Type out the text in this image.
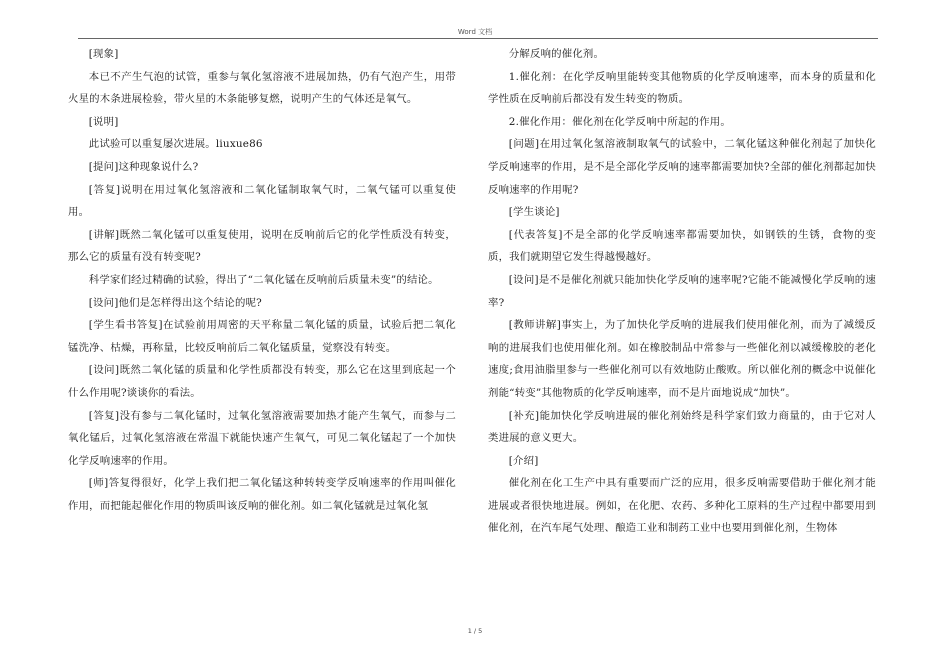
Word 文档

[现象]

本已不产生气泡的试管，重参与氧化氢溶液不进展加热，仍有气泡产生，用带火星的木条进展检验，带火星的木条能够复燃，说明产生的气体还是氧气。

[说明]

此试验可以重复屡次进展。liuxue86

[提问]这种现象说什么?

[答复]说明在用过氧化氢溶液和二氧化锰制取氧气时，二氧气锰可以重复使用。

[讲解]既然二氧化锰可以重复使用，说明在反响前后它的化学性质没有转变，那么它的质量有没有转变呢?

科学家们经过精确的试验，得出了“二氧化锰在反响前后质量未变”的结论。

[设问]他们是怎样得出这个结论的呢?

[学生看书答复]在试验前用周密的天平称量二氧化锰的质量，试验后把二氧化锰洗净、枯燥，再称量，比较反响前后二氧化锰质量，觉察没有转变。

[设问]既然二氧化锰的质量和化学性质都没有转变，那么它在这里到底起一个什么作用呢?谈谈你的看法。

[答复]没有参与二氧化锰时，过氧化氢溶液需要加热才能产生氧气，而参与二氧化锰后，过氧化氢溶液在常温下就能快速产生氧气，可见二氧化锰起了一个加快化学反响速率的作用。

[师]答复得很好，化学上我们把二氧化锰这种转转变学反响速率的作用叫催化作用，而把能起催化作用的物质叫该反响的催化剂。如二氧化锰就是过氧化氢

分解反响的催化剂。

1.催化剂：在化学反响里能转变其他物质的化学反响速率，而本身的质量和化学性质在反响前后都没有发生转变的物质。

2.催化作用：催化剂在化学反响中所起的作用。

[问题]在用过氧化氢溶液制取氧气的试验中，二氧化锰这种催化剂起了加快化学反响速率的作用，是不是全部化学反响的速率都需要加快?全部的催化剂都起加快反响速率的作用呢?

[学生谈论]

[代表答复]不是全部的化学反响速率都需要加快，如钢铁的生锈，食物的变质，我们就期望它发生得越慢越好。

[设问]是不是催化剂就只能加快化学反响的速率呢?它能不能减慢化学反响的速率?

[教师讲解]事实上，为了加快化学反响的进展我们使用催化剂，而为了减缓反响的进展我们也使用催化剂。如在橡胶制品中常参与一些催化剂以减缓橡胶的老化速度;食用油脂里参与一些催化剂可以有效地防止酸败。所以催化剂的概念中说催化剂能“转变”其他物质的化学反响速率，而不是片面地说成“加快”。

[补充]能加快化学反响进展的催化剂始终是科学家们致力商量的，由于它对人类进展的意义更大。

[介绍]

催化剂在化工生产中具有重要而广泛的应用，很多反响需要借助于催化剂才能进展或者很快地进展。例如，在化肥、农药、多种化工原料的生产过程中都要用到催化剂，在汽车尾气处理、酿造工业和制药工业中也要用到催化剂，生物体

1 / 5
